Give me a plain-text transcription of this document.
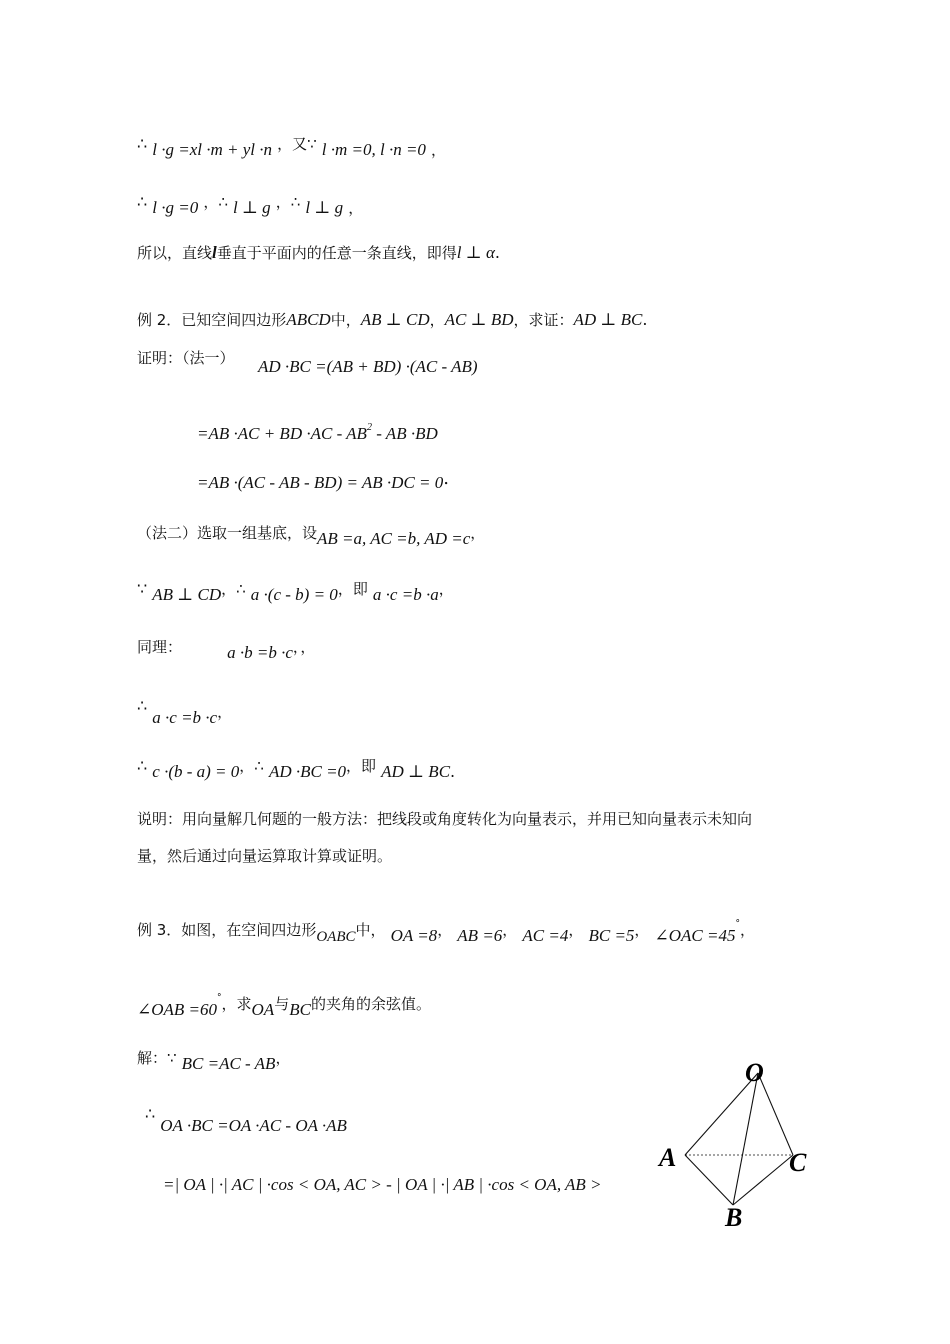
∴ l ·g =xl ·m + yl ·n ，又∵ l ·m =0, l ·n =0 ，
∴ l ·g =0 ，∴ l ⊥ g ，∴ l ⊥ g ，
所以，直线l垂直于平面内的任意一条直线，即得l ⊥ α.
例 2．已知空间四边形ABCD中，AB ⊥ CD，AC ⊥ BD，求证：AD ⊥ BC.
证明：（法一） AD ·BC =(AB + BD) ·(AC - AB)
=AB ·AC + BD $\cdot AC - AB^2$ - AB ·BD
=AB ·(AC - AB - BD) = AB ·DC = 0.
（法二）选取一组基底，设AB =a, AC =b, AD =c，
∵ AB ⊥ CD，∴ a ·(c - b) = 0，即 a ·c =b ·a，
同理：	a ·b =b ·c，，
∴ a ·c =b ·c，
∴ c ·(b - a) = 0，∴ AD ·BC =0，即 AD ⊥ BC.
说明：用向量解几何题的一般方法：把线段或角度转化为向量表示，并用已知向量表示未知向
量，然后通过向量运算取计算或证明。
例 3．如图，在空间四边形OABC中， OA =8， AB =6， AC =4， BC =5， ∠OAC =45°，
∠OAB =60°，求OA与BC的夹角的余弦值。
解：∵ BC =AC - AB，
∴ OA ·BC =OA ·AC - OA ·AB
=| OA | ·| AC | ·cos < OA, AC > - | OA | ·| AB | ·cos < OA, AB >
O
A	C
B
